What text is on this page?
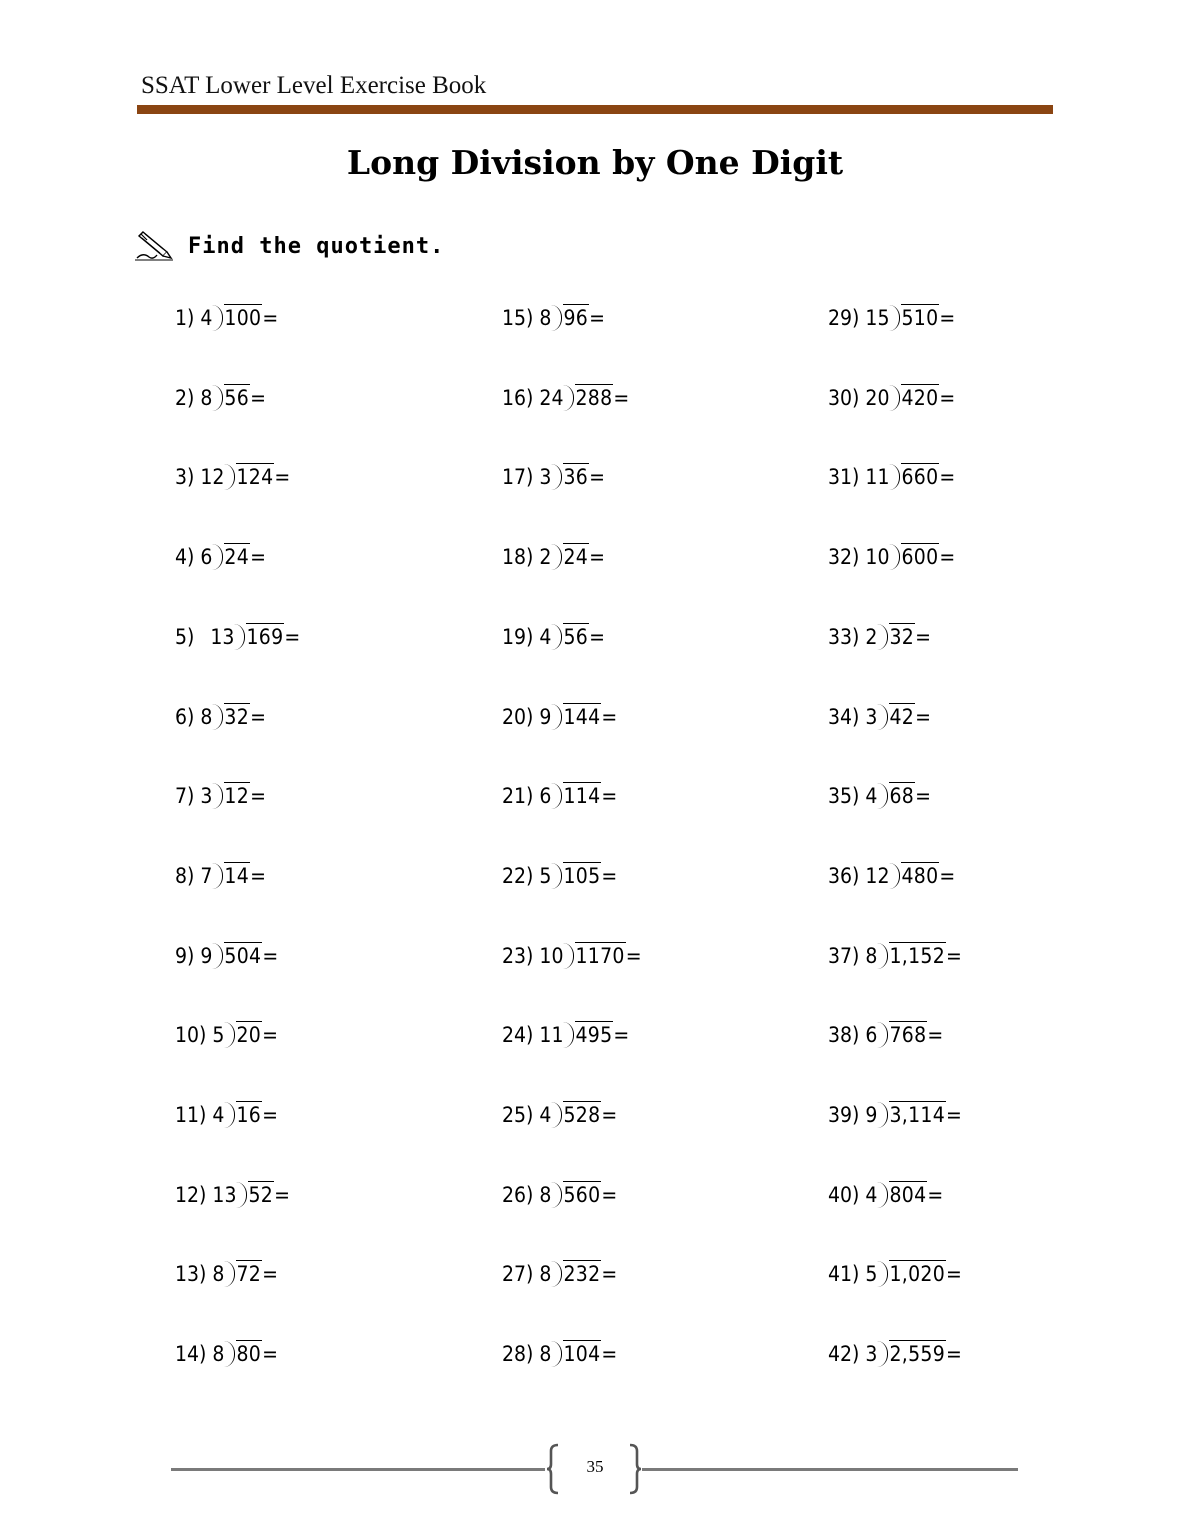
SSAT Lower Level Exercise Book
Long Division by One Digit
Find the quotient.
1) 4 100 =
2) 8 56 =
3) 12 124 =
4) 6 24 =
5) 13 169 =
6) 8 32 =
7) 3 12 =
8) 7 14 =
9) 9 504 =
10) 5 20 =
11) 4 16 =
12) 13 52 =
13) 8 72 =
14) 8 80 =
15) 8 96 =
16) 24 288 =
17) 3 36 =
18) 2 24 =
19) 4 56 =
20) 9 144 =
21) 6 114 =
22) 5 105 =
23) 10 1170 =
24) 11 495 =
25) 4 528 =
26) 8 560 =
27) 8 232 =
28) 8 104 =
29) 15 510 =
30) 20 420 =
31) 11 660 =
32) 10 600 =
33) 2 32 =
34) 3 42 =
35) 4 68 =
36) 12 480 =
37) 8 1,152 =
38) 6 768 =
39) 9 3,114 =
40) 4 804 =
41) 5 1,020 =
42) 3 2,559 =
35
